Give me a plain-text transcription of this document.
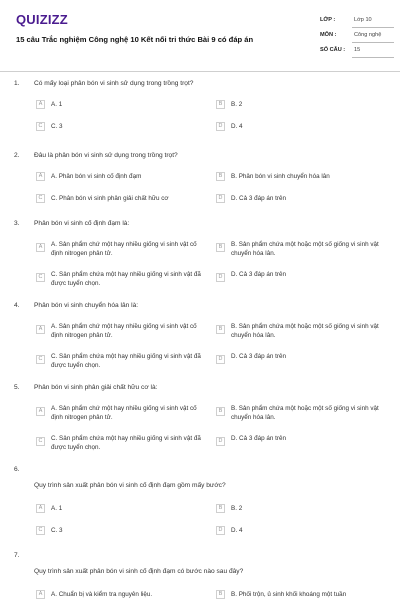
QUIZIZZ
15 câu Trắc nghiệm Công nghệ 10 Kết nối tri thức Bài 9 có đáp án
LỚP :	Lớp 10
MÔN :	Công nghệ
SỐ CÂU : 15
1. Có mấy loại phân bón vi sinh sử dụng trong trồng trọt?
A	A. 1	B	B. 2
C	C. 3	D	D. 4
2. Đâu là phân bón vi sinh sử dụng trong trồng trọt?
A	A. Phân bón vi sinh cố định đạm	B	B. Phân bón vi sinh chuyển hóa lân
C	C. Phân bón vi sinh phân giải chất hữu cơ	D	D. Cả 3 đáp án trên
3. Phân bón vi sinh cố định đạm là:
A	A. Sản phẩm chứ một hay nhiều giống vi sinh vật cố định nitrogen phân tử.
B	B. Sản phẩm chứa một hoặc một số giống vi sinh vật chuyển hóa lân.
C	C. Sản phẩm chứa một hay nhiều giống vi sinh vật đã được tuyển chọn.
D	D. Cả 3 đáp án trên
4. Phân bón vi sinh chuyển hóa lân là:
A	A. Sản phẩm chứ một hay nhiều giống vi sinh vật cố định nitrogen phân tử.
B	B. Sản phẩm chứa một hoặc một số giống vi sinh vật chuyển hóa lân.
C	C. Sản phẩm chứa một hay nhiều giống vi sinh vật đã được tuyển chọn.
D	D. Cả 3 đáp án trên
5. Phân bón vi sinh phân giải chất hữu cơ là:
A	A. Sản phẩm chứ một hay nhiều giống vi sinh vật cố định nitrogen phân tử.
B	B. Sản phẩm chứa một hoặc một số giống vi sinh vật chuyển hóa lân.
C	C. Sản phẩm chứa một hay nhiều giống vi sinh vật đã được tuyển chọn.
D	D. Cả 3 đáp án trên
6.
Quy trình sản xuất phân bón vi sinh cố định đạm gồm mấy bước?
A	A. 1	B	B. 2
C	C. 3	D	D. 4
7.
Quy trình sản xuất phân bón vi sinh cố định đạm có bước nào sau đây?
A	A. Chuẩn bị và kiểm tra nguyên liệu.	B	B. Phối trộn, ủ sinh khối khoáng một tuần
